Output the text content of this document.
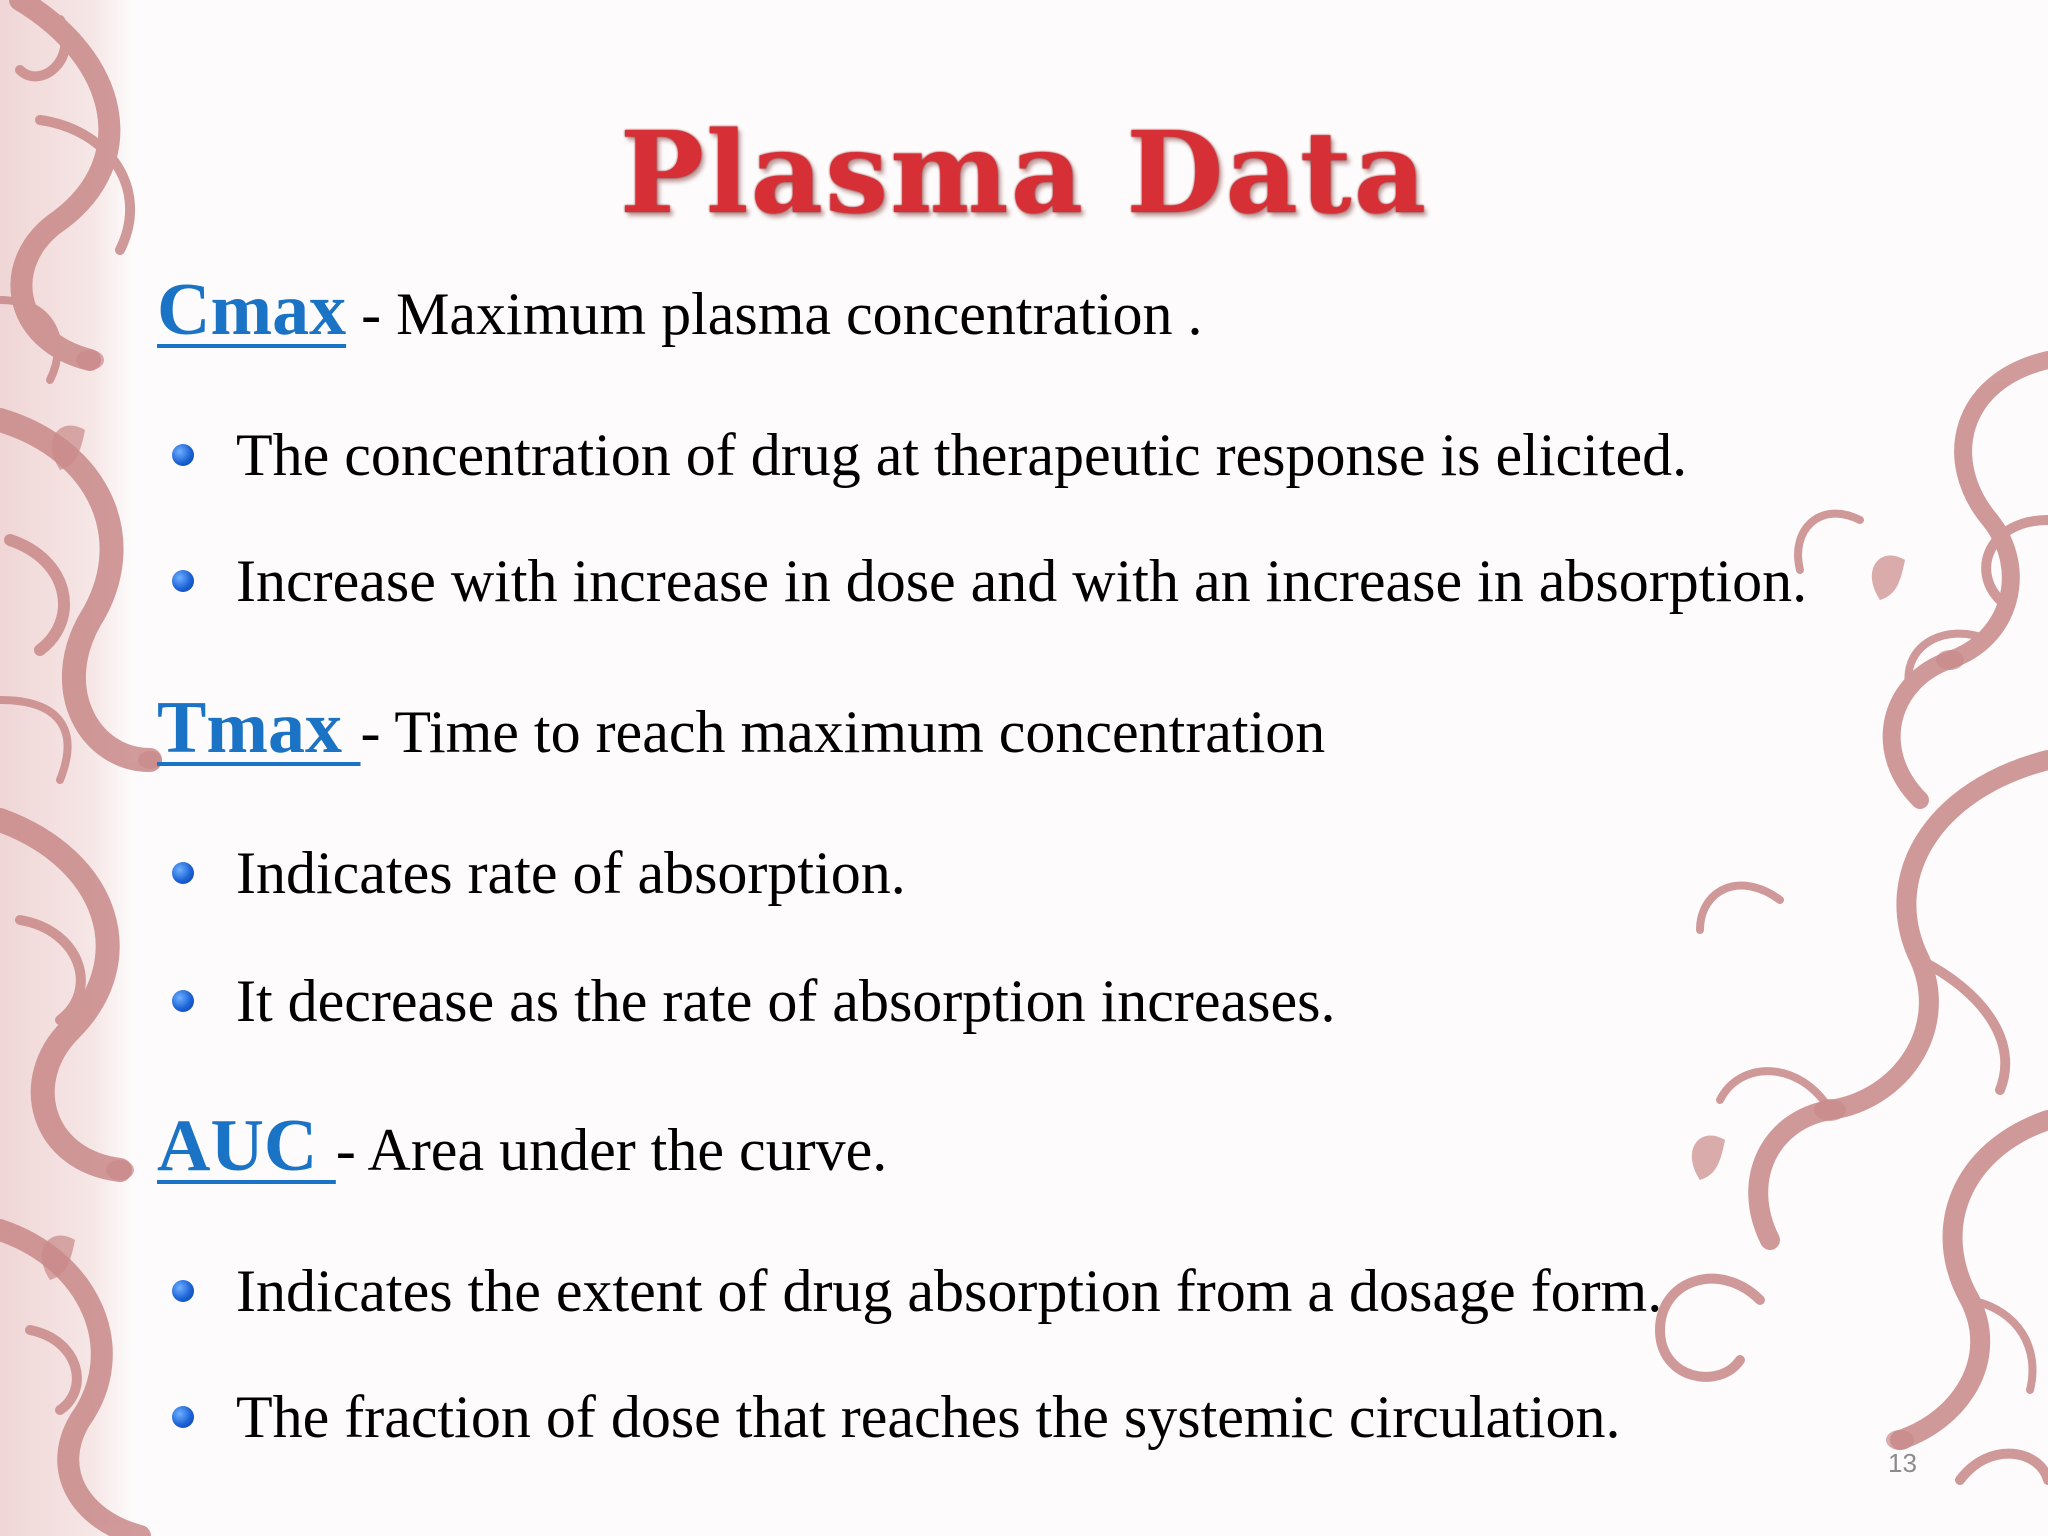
Plasma Data
Cmax - Maximum plasma concentration .
The concentration of drug at therapeutic response is elicited.
Increase with increase in dose and with an increase in absorption.
Tmax - Time to reach maximum concentration
Indicates rate of absorption.
It decrease as the rate of absorption increases.
AUC - Area under the curve.
Indicates the extent of drug absorption from a dosage form.
The fraction of dose that reaches the systemic circulation.
13
